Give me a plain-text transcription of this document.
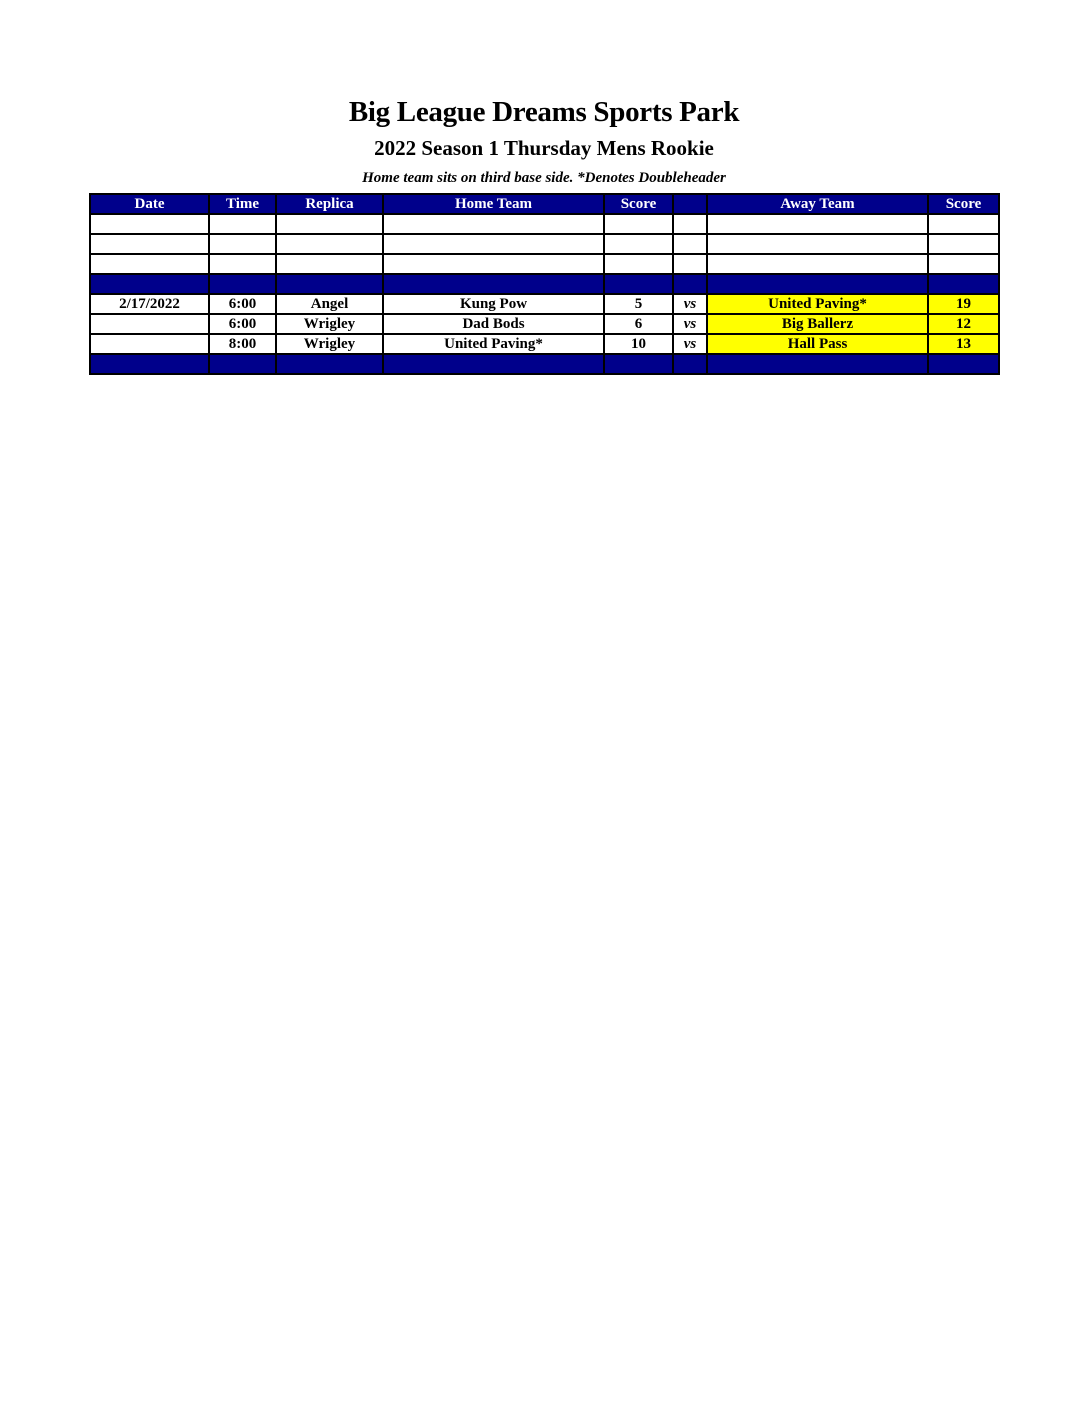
Big League Dreams Sports Park
2022 Season 1 Thursday Mens Rookie
Home team sits on third base side. *Denotes Doubleheader
Date	Time	Replica	Home Team	Score		Away Team	Score

2/17/2022	6:00	Angel	Kung Pow	5	vs	United Paving*	19
	6:00	Wrigley	Dad Bods	6	vs	Big Ballerz	12
	8:00	Wrigley	United Paving*	10	vs	Hall Pass	13
